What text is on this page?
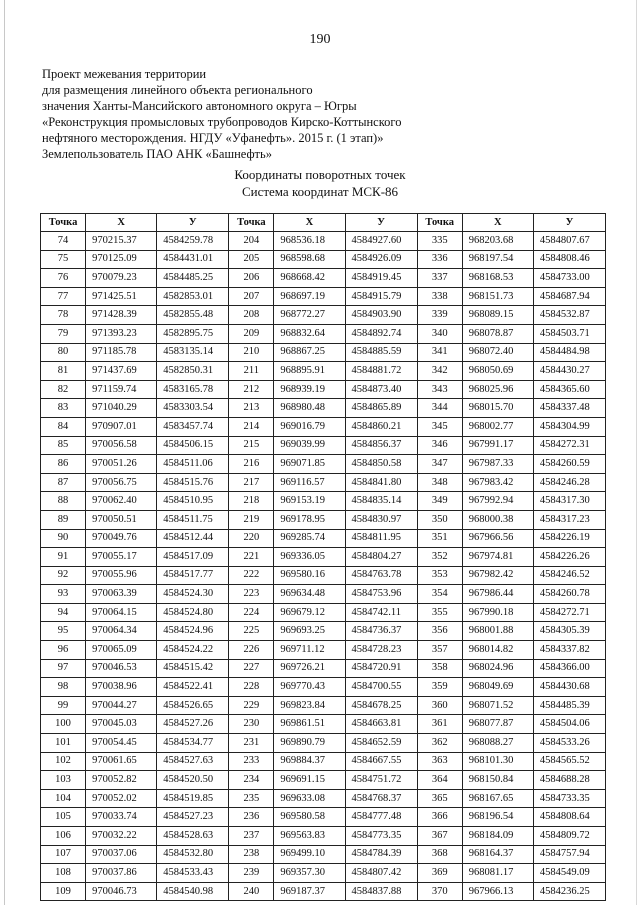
190
Проект межевания территории
для размещения линейного объекта регионального
значения Ханты-Мансийского автономного округа – Югры
«Реконструкция промысловых трубопроводов Кирско-Коттынского
нефтяного месторождения. НГДУ «Уфанефть». 2015 г. (1 этап)»
Землепользователь ПАО АНК «Башнефть»
Координаты поворотных точек
Система координат МСК-86
Точка	X	У	Точка	X	У	Точка	X	У
74	970215.37	4584259.78	204	968536.18	4584927.60	335	968203.68	4584807.67
75	970125.09	4584431.01	205	968598.68	4584926.09	336	968197.54	4584808.46
76	970079.23	4584485.25	206	968668.42	4584919.45	337	968168.53	4584733.00
77	971425.51	4582853.01	207	968697.19	4584915.79	338	968151.73	4584687.94
78	971428.39	4582855.48	208	968772.27	4584903.90	339	968089.15	4584532.87
79	971393.23	4582895.75	209	968832.64	4584892.74	340	968078.87	4584503.71
80	971185.78	4583135.14	210	968867.25	4584885.59	341	968072.40	4584484.98
81	971437.69	4582850.31	211	968895.91	4584881.72	342	968050.69	4584430.27
82	971159.74	4583165.78	212	968939.19	4584873.40	343	968025.96	4584365.60
83	971040.29	4583303.54	213	968980.48	4584865.89	344	968015.70	4584337.48
84	970907.01	4583457.74	214	969016.79	4584860.21	345	968002.77	4584304.99
85	970056.58	4584506.15	215	969039.99	4584856.37	346	967991.17	4584272.31
86	970051.26	4584511.06	216	969071.85	4584850.58	347	967987.33	4584260.59
87	970056.75	4584515.76	217	969116.57	4584841.80	348	967983.42	4584246.28
88	970062.40	4584510.95	218	969153.19	4584835.14	349	967992.94	4584317.30
89	970050.51	4584511.75	219	969178.95	4584830.97	350	968000.38	4584317.23
90	970049.76	4584512.44	220	969285.74	4584811.95	351	967966.56	4584226.19
91	970055.17	4584517.09	221	969336.05	4584804.27	352	967974.81	4584226.26
92	970055.96	4584517.77	222	969580.16	4584763.78	353	967982.42	4584246.52
93	970063.39	4584524.30	223	969634.48	4584753.96	354	967986.44	4584260.78
94	970064.15	4584524.80	224	969679.12	4584742.11	355	967990.18	4584272.71
95	970064.34	4584524.96	225	969693.25	4584736.37	356	968001.88	4584305.39
96	970065.09	4584524.22	226	969711.12	4584728.23	357	968014.82	4584337.82
97	970046.53	4584515.42	227	969726.21	4584720.91	358	968024.96	4584366.00
98	970038.96	4584522.41	228	969770.43	4584700.55	359	968049.69	4584430.68
99	970044.27	4584526.65	229	969823.84	4584678.25	360	968071.52	4584485.39
100	970045.03	4584527.26	230	969861.51	4584663.81	361	968077.87	4584504.06
101	970054.45	4584534.77	231	969890.79	4584652.59	362	968088.27	4584533.26
102	970061.65	4584527.63	233	969884.37	4584667.55	363	968101.30	4584565.52
103	970052.82	4584520.50	234	969691.15	4584751.72	364	968150.84	4584688.28
104	970052.02	4584519.85	235	969633.08	4584768.37	365	968167.65	4584733.35
105	970033.74	4584527.23	236	969580.58	4584777.48	366	968196.54	4584808.64
106	970032.22	4584528.63	237	969563.83	4584773.35	367	968184.09	4584809.72
107	970037.06	4584532.80	238	969499.10	4584784.39	368	968164.37	4584757.94
108	970037.86	4584533.43	239	969357.30	4584807.42	369	968081.17	4584549.09
109	970046.73	4584540.98	240	969187.37	4584837.88	370	967966.13	4584236.25
